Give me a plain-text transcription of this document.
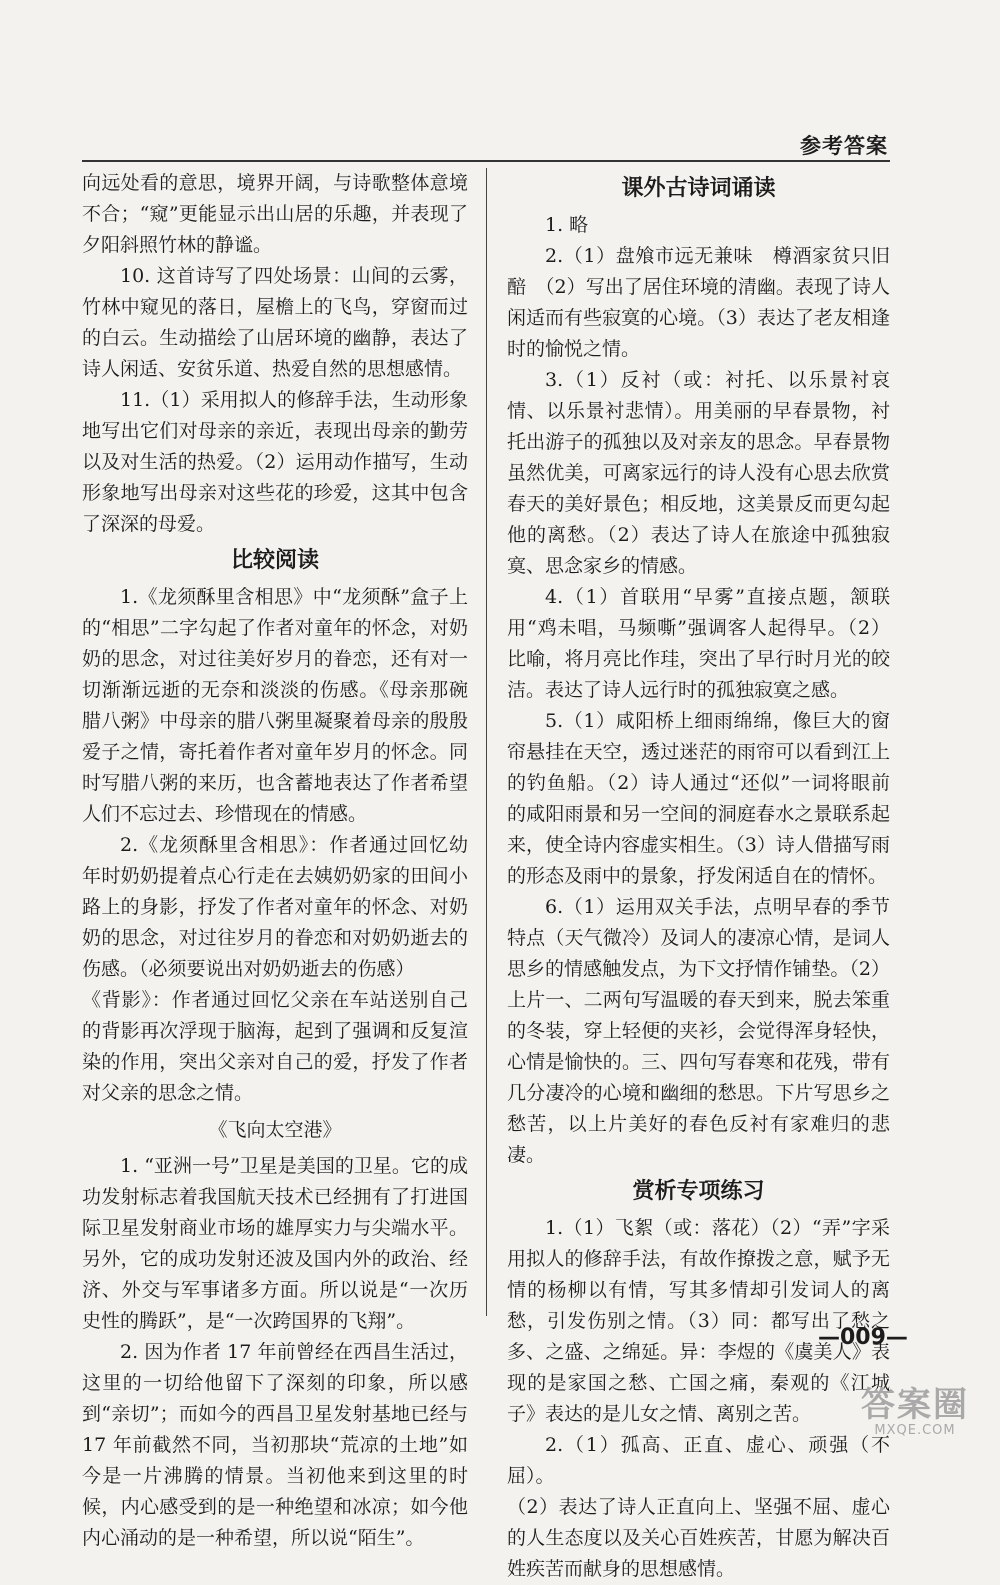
参考答案

向远处看的意思，境界开阔，与诗歌整体意境不合；“窥”更能显示出山居的乐趣，并表现了夕阳斜照竹林的静谧。

10. 这首诗写了四处场景：山间的云雾，竹林中窥见的落日，屋檐上的飞鸟，穿窗而过的白云。生动描绘了山居环境的幽静，表达了诗人闲适、安贫乐道、热爱自然的思想感情。

11.（1）采用拟人的修辞手法，生动形象地写出它们对母亲的亲近，表现出母亲的勤劳以及对生活的热爱。（2）运用动作描写，生动形象地写出母亲对这些花的珍爱，这其中包含了深深的母爱。

比较阅读

1.《龙须酥里含相思》中“龙须酥”盒子上的“相思”二字勾起了作者对童年的怀念，对奶奶的思念，对过往美好岁月的眷恋，还有对一切渐渐远逝的无奈和淡淡的伤感。《母亲那碗腊八粥》中母亲的腊八粥里凝聚着母亲的殷殷爱子之情，寄托着作者对童年岁月的怀念。同时写腊八粥的来历，也含蓄地表达了作者希望人们不忘过去、珍惜现在的情感。

2.《龙须酥里含相思》：作者通过回忆幼年时奶奶提着点心行走在去姨奶奶家的田间小路上的身影，抒发了作者对童年的怀念、对奶奶的思念，对过往岁月的眷恋和对奶奶逝去的伤感。（必须要说出对奶奶逝去的伤感）

《背影》：作者通过回忆父亲在车站送别自己的背影再次浮现于脑海，起到了强调和反复渲染的作用，突出父亲对自己的爱，抒发了作者对父亲的思念之情。

《飞向太空港》

1. “亚洲一号”卫星是美国的卫星。它的成功发射标志着我国航天技术已经拥有了打进国际卫星发射商业市场的雄厚实力与尖端水平。另外，它的成功发射还波及国内外的政治、经济、外交与军事诸多方面。所以说是“一次历史性的腾跃”，是“一次跨国界的飞翔”。

2. 因为作者 17 年前曾经在西昌生活过，这里的一切给他留下了深刻的印象，所以感到“亲切”；而如今的西昌卫星发射基地已经与 17 年前截然不同，当初那块“荒凉的土地”如今是一片沸腾的情景。当初他来到这里的时候，内心感受到的是一种绝望和冰凉；如今他内心涌动的是一种希望，所以说“陌生”。

课外古诗词诵读

1. 略

2.（1）盘飧市远无兼味　樽酒家贫只旧醅　（2）写出了居住环境的清幽。表现了诗人闲适而有些寂寞的心境。（3）表达了老友相逢时的愉悦之情。

3.（1）反衬（或：衬托、以乐景衬哀情、以乐景衬悲情）。用美丽的早春景物，衬托出游子的孤独以及对亲友的思念。早春景物虽然优美，可离家远行的诗人没有心思去欣赏春天的美好景色；相反地，这美景反而更勾起他的离愁。（2）表达了诗人在旅途中孤独寂寞、思念家乡的情感。

4.（1）首联用“早雾”直接点题，颔联用“鸡未唱，马频嘶”强调客人起得早。（2）比喻，将月亮比作珪，突出了早行时月光的皎洁。表达了诗人远行时的孤独寂寞之感。

5.（1）咸阳桥上细雨绵绵，像巨大的窗帘悬挂在天空，透过迷茫的雨帘可以看到江上的钓鱼船。（2）诗人通过“还似”一词将眼前的咸阳雨景和另一空间的洞庭春水之景联系起来，使全诗内容虚实相生。（3）诗人借描写雨的形态及雨中的景象，抒发闲适自在的情怀。

6.（1）运用双关手法，点明早春的季节特点（天气微冷）及词人的凄凉心情，是词人思乡的情感触发点，为下文抒情作铺垫。（2）上片一、二两句写温暖的春天到来，脱去笨重的冬装，穿上轻便的夹衫，会觉得浑身轻快，心情是愉快的。三、四句写春寒和花残，带有几分凄冷的心境和幽细的愁思。下片写思乡之愁苦，以上片美好的春色反衬有家难归的悲凄。

赏析专项练习

1.（1）飞絮（或：落花）（2）“弄”字采用拟人的修辞手法，有故作撩拨之意，赋予无情的杨柳以有情，写其多情却引发词人的离愁，引发伤别之情。（3）同：都写出了愁之多、之盛、之绵延。异：李煜的《虞美人》表现的是家国之愁、亡国之痛，秦观的《江城子》表达的是儿女之情、离别之苦。

2.（1）孤高、正直、虚心、顽强（不屈）。

（2）表达了诗人正直向上、坚强不屈、虚心的人生态度以及关心百姓疾苦，甘愿为解决百姓疾苦而献身的思想感情。

—009—
答案圈
MXQE.COM
